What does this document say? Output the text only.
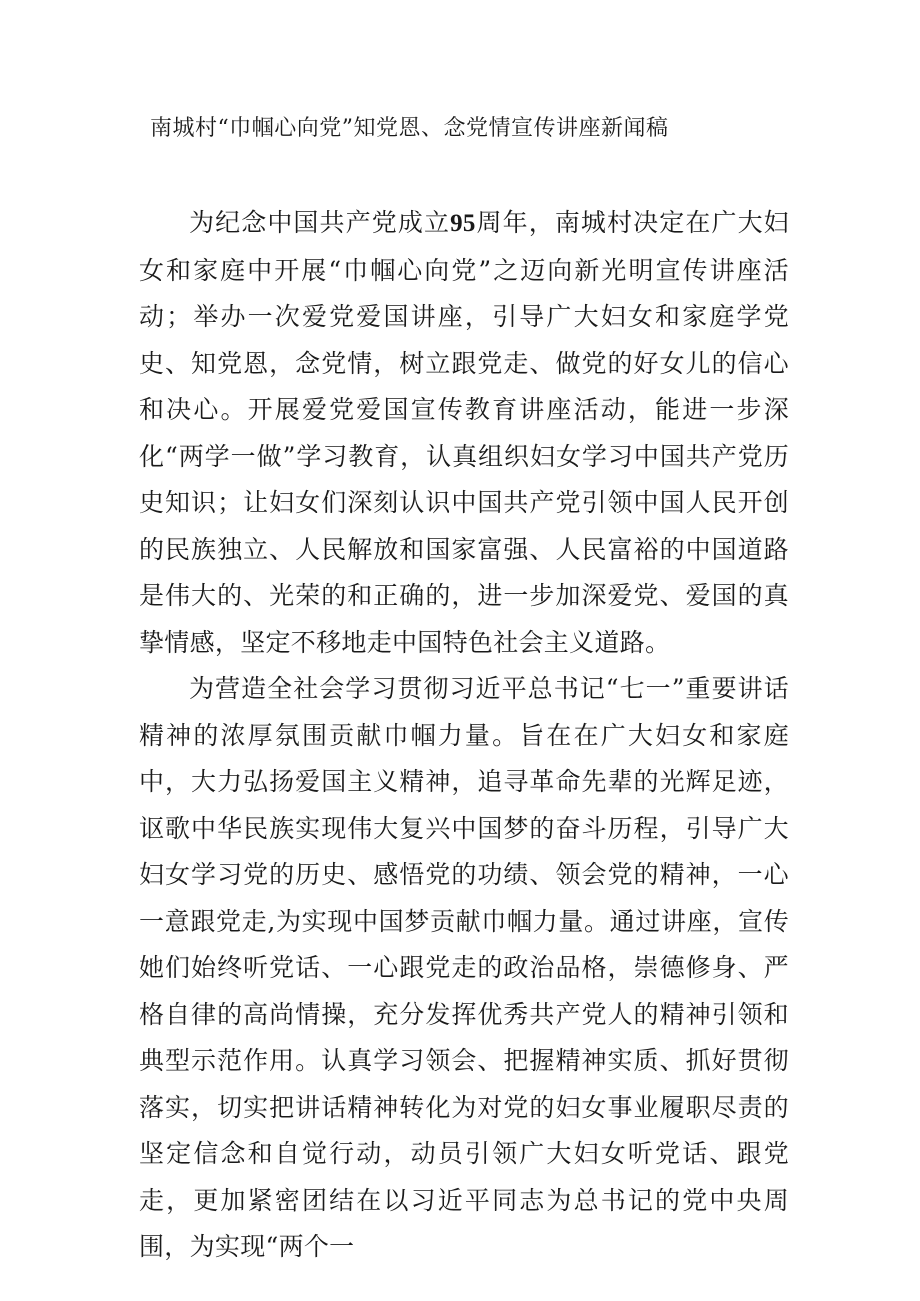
南城村“巾帼心向党”知党恩、念党情宣传讲座新闻稿

为纪念中国共产党成立95周年，南城村决定在广大妇女和家庭中开展“巾帼心向党”之迈向新光明宣传讲座活动；举办一次爱党爱国讲座，引导广大妇女和家庭学党史、知党恩，念党情，树立跟党走、做党的好女儿的信心和决心。开展爱党爱国宣传教育讲座活动，能进一步深化“两学一做”学习教育，认真组织妇女学习中国共产党历史知识；让妇女们深刻认识中国共产党引领中国人民开创的民族独立、人民解放和国家富强、人民富裕的中国道路是伟大的、光荣的和正确的，进一步加深爱党、爱国的真挚情感，坚定不移地走中国特色社会主义道路。

为营造全社会学习贯彻习近平总书记“七一”重要讲话精神的浓厚氛围贡献巾帼力量。旨在在广大妇女和家庭中，大力弘扬爱国主义精神，追寻革命先辈的光辉足迹，讴歌中华民族实现伟大复兴中国梦的奋斗历程，引导广大妇女学习党的历史、感悟党的功绩、领会党的精神，一心一意跟党走,为实现中国梦贡献巾帼力量。通过讲座，宣传她们始终听党话、一心跟党走的政治品格，崇德修身、严格自律的高尚情操，充分发挥优秀共产党人的精神引领和典型示范作用。认真学习领会、把握精神实质、抓好贯彻落实，切实把讲话精神转化为对党的妇女事业履职尽责的坚定信念和自觉行动，动员引领广大妇女听党话、跟党走，更加紧密团结在以习近平同志为总书记的党中央周围，为实现“两个一
